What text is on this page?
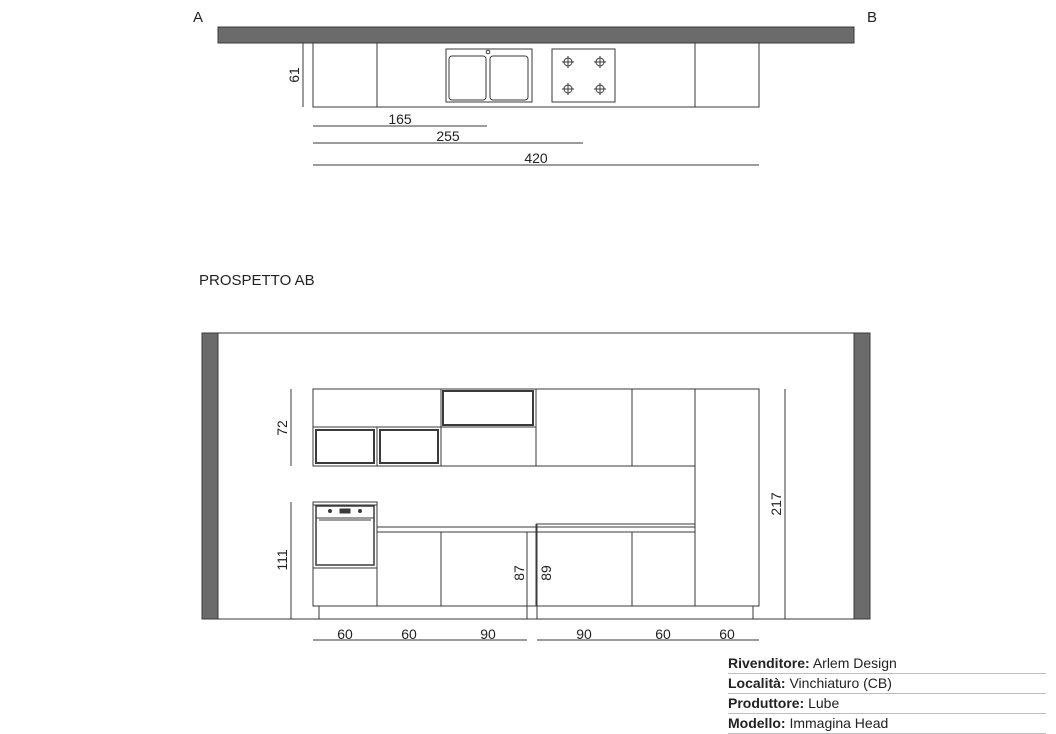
A	B
61
165
255
420
PROSPETTO AB
72
111
217
87 89
60	60	90	90	60	60
Rivenditore: Arlem Design
Località: Vinchiaturo (CB)
Produttore: Lube
Modello: Immagina Head
